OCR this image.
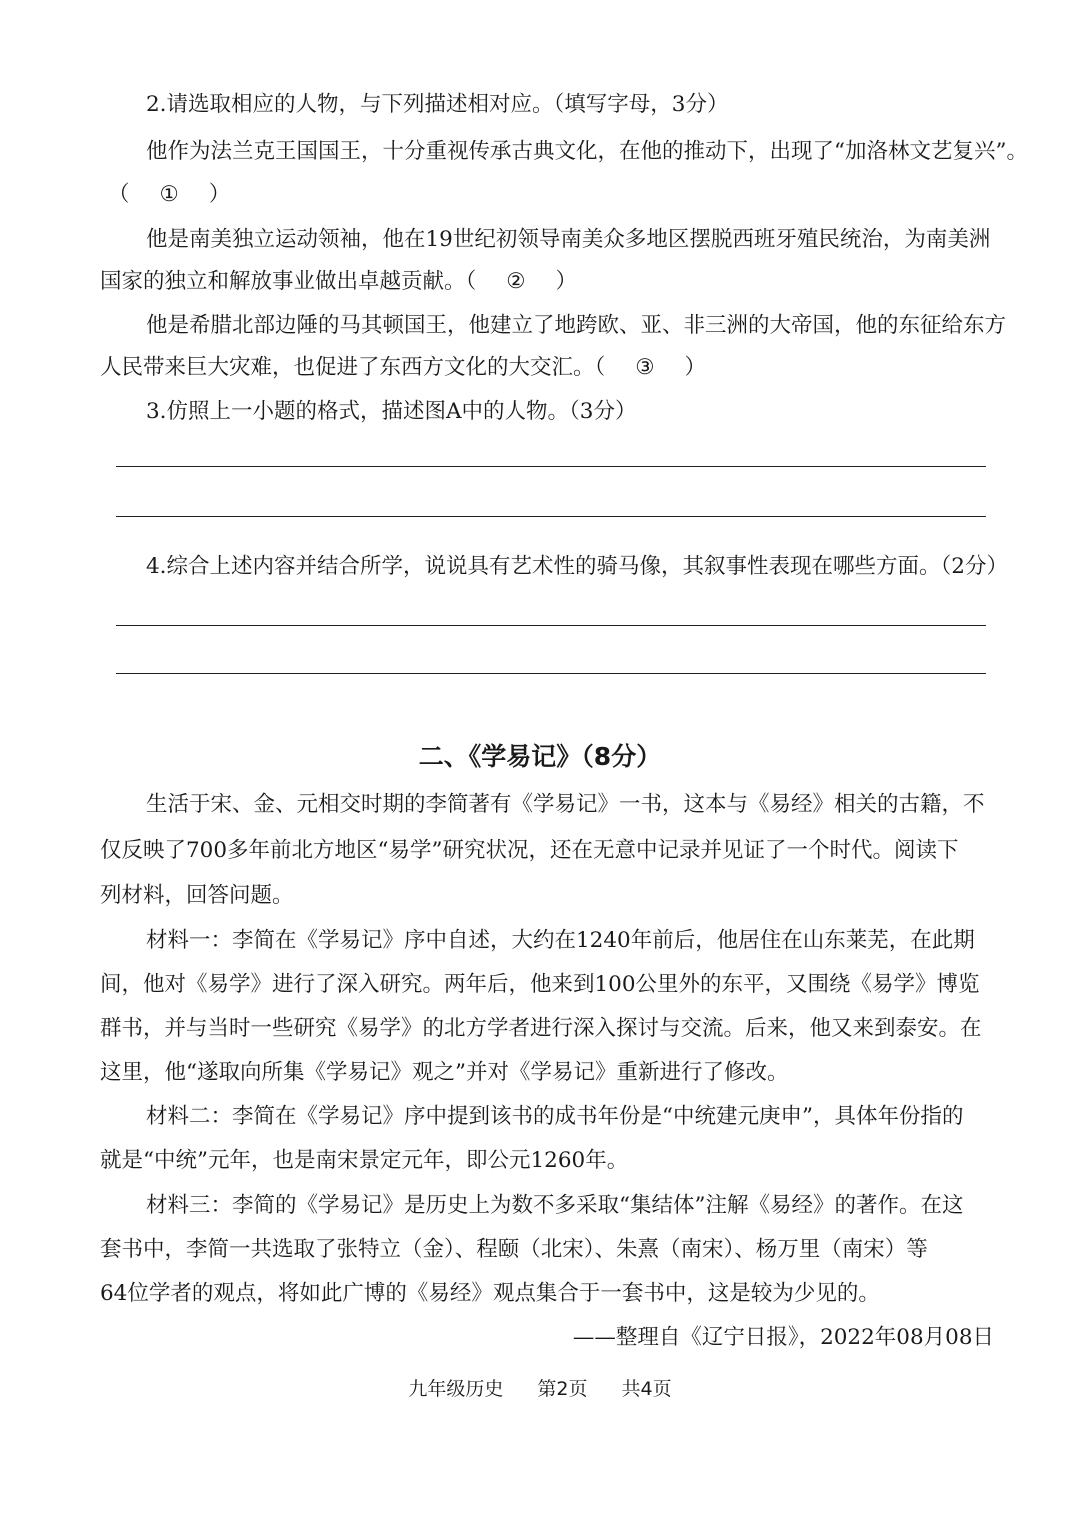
2.请选取相应的人物，与下列描述相对应。（填写字母，3分）
他作为法兰克王国国王，十分重视传承古典文化，在他的推动下，出现了“加洛林文艺复兴”。
（ ① ）
他是南美独立运动领袖，他在19世纪初领导南美众多地区摆脱西班牙殖民统治，为南美洲
国家的独立和解放事业做出卓越贡献。（ ② ）
他是希腊北部边陲的马其顿国王，他建立了地跨欧、亚、非三洲的大帝国，他的东征给东方
人民带来巨大灾难，也促进了东西方文化的大交汇。（ ③ ）
3.仿照上一小题的格式，描述图A中的人物。（3分）
4.综合上述内容并结合所学，说说具有艺术性的骑马像，其叙事性表现在哪些方面。（2分）
二、《学易记》（8分）
生活于宋、金、元相交时期的李简著有《学易记》一书，这本与《易经》相关的古籍，不
仅反映了700多年前北方地区“易学”研究状况，还在无意中记录并见证了一个时代。阅读下
列材料，回答问题。
材料一：李简在《学易记》序中自述，大约在1240年前后，他居住在山东莱芜，在此期
间，他对《易学》进行了深入研究。两年后，他来到100公里外的东平，又围绕《易学》博览
群书，并与当时一些研究《易学》的北方学者进行深入探讨与交流。后来，他又来到泰安。在
这里，他“遂取向所集《学易记》观之”并对《学易记》重新进行了修改。
材料二：李简在《学易记》序中提到该书的成书年份是“中统建元庚申”，具体年份指的
就是“中统”元年，也是南宋景定元年，即公元1260年。
材料三：李简的《学易记》是历史上为数不多采取“集结体”注解《易经》的著作。在这
套书中，李简一共选取了张特立（金）、程颐（北宋）、朱熹（南宋）、杨万里（南宋）等
64位学者的观点，将如此广博的《易经》观点集合于一套书中，这是较为少见的。
——整理自《辽宁日报》，2022年08月08日
九年级历史 第2页 共4页
